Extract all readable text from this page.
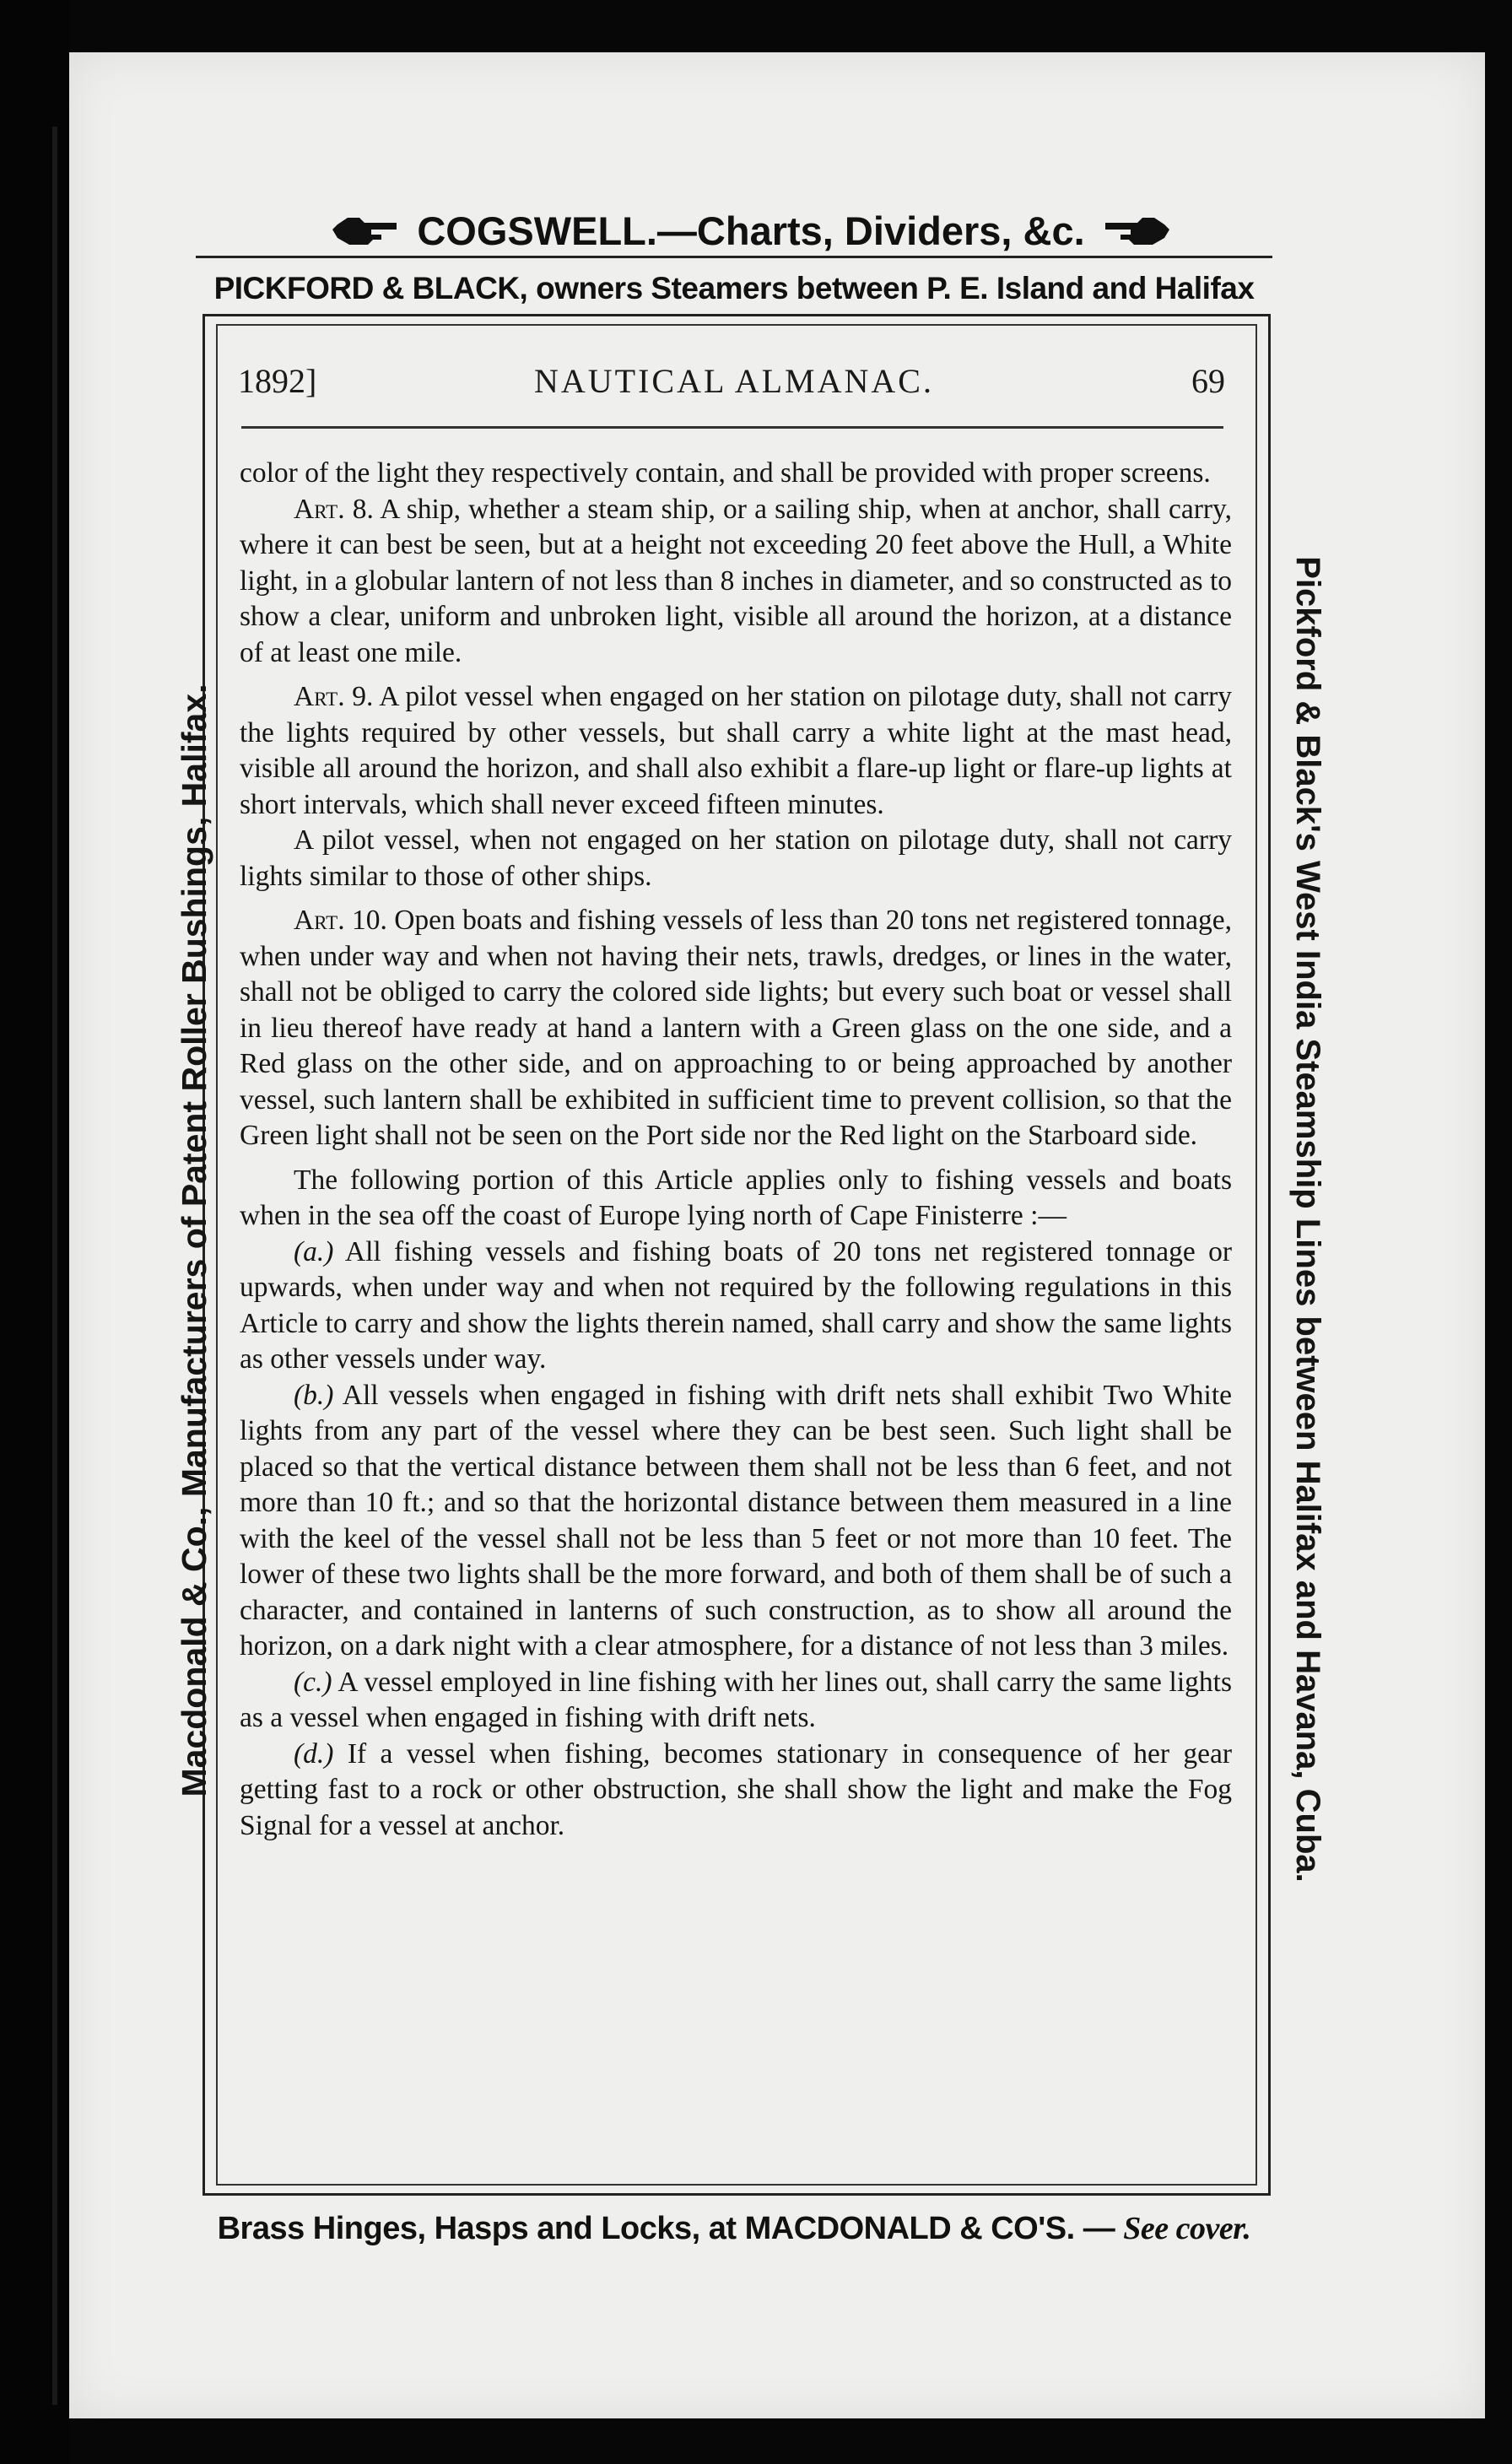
COGSWELL.—Charts, Dividers, &c.
PICKFORD & BLACK, owners Steamers between P. E. Island and Halifax
Macdonald & Co., Manufacturers of Patent Roller Bushings, Halifax.	Pickford & Black's West India Steamship Lines between Halifax and Havana, Cuba.
1892]	NAUTICAL ALMANAC.	69

color of the light they respectively contain, and shall be provided with proper screens.

Art. 8. A ship, whether a steam ship, or a sailing ship, when at anchor, shall carry, where it can best be seen, but at a height not exceeding 20 feet above the Hull, a White light, in a globular lantern of not less than 8 inches in diameter, and so constructed as to show a clear, uniform and unbroken light, visible all around the horizon, at a distance of at least one mile.

Art. 9. A pilot vessel when engaged on her station on pilotage duty, shall not carry the lights required by other vessels, but shall carry a white light at the mast head, visible all around the horizon, and shall also exhibit a flare-up light or flare-up lights at short intervals, which shall never exceed fifteen minutes.

A pilot vessel, when not engaged on her station on pilotage duty, shall not carry lights similar to those of other ships.

Art. 10. Open boats and fishing vessels of less than 20 tons net registered tonnage, when under way and when not having their nets, trawls, dredges, or lines in the water, shall not be obliged to carry the colored side lights; but every such boat or vessel shall in lieu thereof have ready at hand a lantern with a Green glass on the one side, and a Red glass on the other side, and on approaching to or being approached by another vessel, such lantern shall be exhibited in sufficient time to prevent collision, so that the Green light shall not be seen on the Port side nor the Red light on the Starboard side.

The following portion of this Article applies only to fishing vessels and boats when in the sea off the coast of Europe lying north of Cape Finisterre :—

(a.) All fishing vessels and fishing boats of 20 tons net registered tonnage or upwards, when under way and when not required by the following regulations in this Article to carry and show the lights therein named, shall carry and show the same lights as other vessels under way.

(b.) All vessels when engaged in fishing with drift nets shall exhibit Two White lights from any part of the vessel where they can be best seen. Such light shall be placed so that the vertical distance between them shall not be less than 6 feet, and not more than 10 ft.; and so that the horizontal distance between them measured in a line with the keel of the vessel shall not be less than 5 feet or not more than 10 feet. The lower of these two lights shall be the more forward, and both of them shall be of such a character, and contained in lanterns of such construction, as to show all around the horizon, on a dark night with a clear atmosphere, for a distance of not less than 3 miles.

(c.) A vessel employed in line fishing with her lines out, shall carry the same lights as a vessel when engaged in fishing with drift nets.

(d.) If a vessel when fishing, becomes stationary in consequence of her gear getting fast to a rock or other obstruction, she shall show the light and make the Fog Signal for a vessel at anchor.

Brass Hinges, Hasps and Locks, at MACDONALD & CO'S. — See cover.
